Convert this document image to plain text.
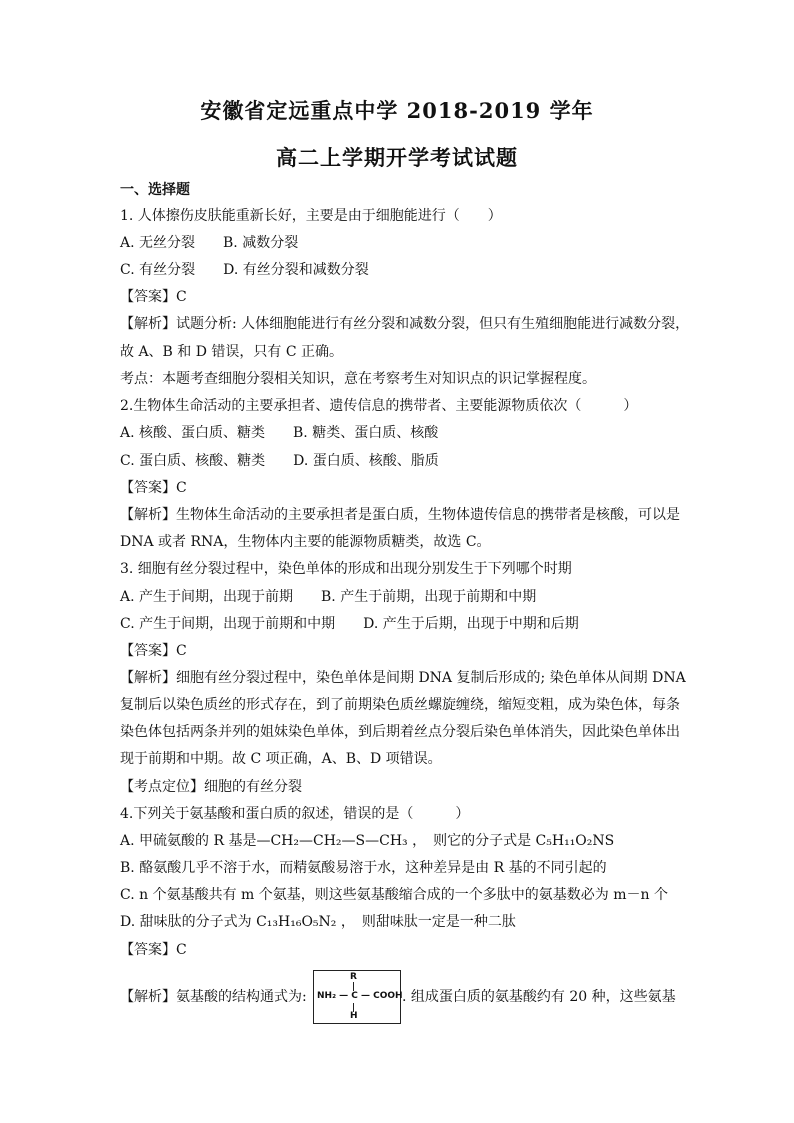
安徽省定远重点中学 2018-2019 学年
高二上学期开学考试试题
一、选择题
1. 人体擦伤皮肤能重新长好，主要是由于细胞能进行（　　）
A. 无丝分裂　　B. 减数分裂
C. 有丝分裂　　D. 有丝分裂和减数分裂
【答案】C
【解析】试题分析: 人体细胞能进行有丝分裂和减数分裂，但只有生殖细胞能进行减数分裂，
故 A、B 和 D 错误，只有 C 正确。
考点：本题考查细胞分裂相关知识，意在考察考生对知识点的识记掌握程度。
2.生物体生命活动的主要承担者、遗传信息的携带者、主要能源物质依次（　　　）
A. 核酸、蛋白质、糖类　　B. 糖类、蛋白质、核酸
C. 蛋白质、核酸、糖类　　D. 蛋白质、核酸、脂质
【答案】C
【解析】生物体生命活动的主要承担者是蛋白质，生物体遗传信息的携带者是核酸，可以是
DNA 或者 RNA，生物体内主要的能源物质糖类，故选 C。
3. 细胞有丝分裂过程中，染色单体的形成和出现分别发生于下列哪个时期
A. 产生于间期，出现于前期　　B. 产生于前期，出现于前期和中期
C. 产生于间期，出现于前期和中期　　D. 产生于后期，出现于中期和后期
【答案】C
【解析】细胞有丝分裂过程中，染色单体是间期 DNA 复制后形成的; 染色单体从间期 DNA
复制后以染色质丝的形式存在，到了前期染色质丝螺旋缠绕，缩短变粗，成为染色体，每条
染色体包括两条并列的姐妹染色单体，到后期着丝点分裂后染色单体消失，因此染色单体出
现于前期和中期。故 C 项正确，A、B、D 项错误。
【考点定位】细胞的有丝分裂
4.下列关于氨基酸和蛋白质的叙述，错误的是（　　　）
A. 甲硫氨酸的 R 基是—CH₂—CH₂—S—CH₃ ，　则它的分子式是 C₅H₁₁O₂NS
B. 酪氨酸几乎不溶于水，而精氨酸易溶于水，这种差异是由 R 基的不同引起的
C. n 个氨基酸共有 m 个氨基，则这些氨基酸缩合成的一个多肽中的氨基数必为 m－n 个
D. 甜味肽的分子式为 C₁₃H₁₆O₅N₂ ，　则甜味肽一定是一种二肽
【答案】C
【解析】氨基酸的结构通式为:
R
NH₂ — C — COOH
H
. 组成蛋白质的氨基酸约有 20 种，这些氨基
